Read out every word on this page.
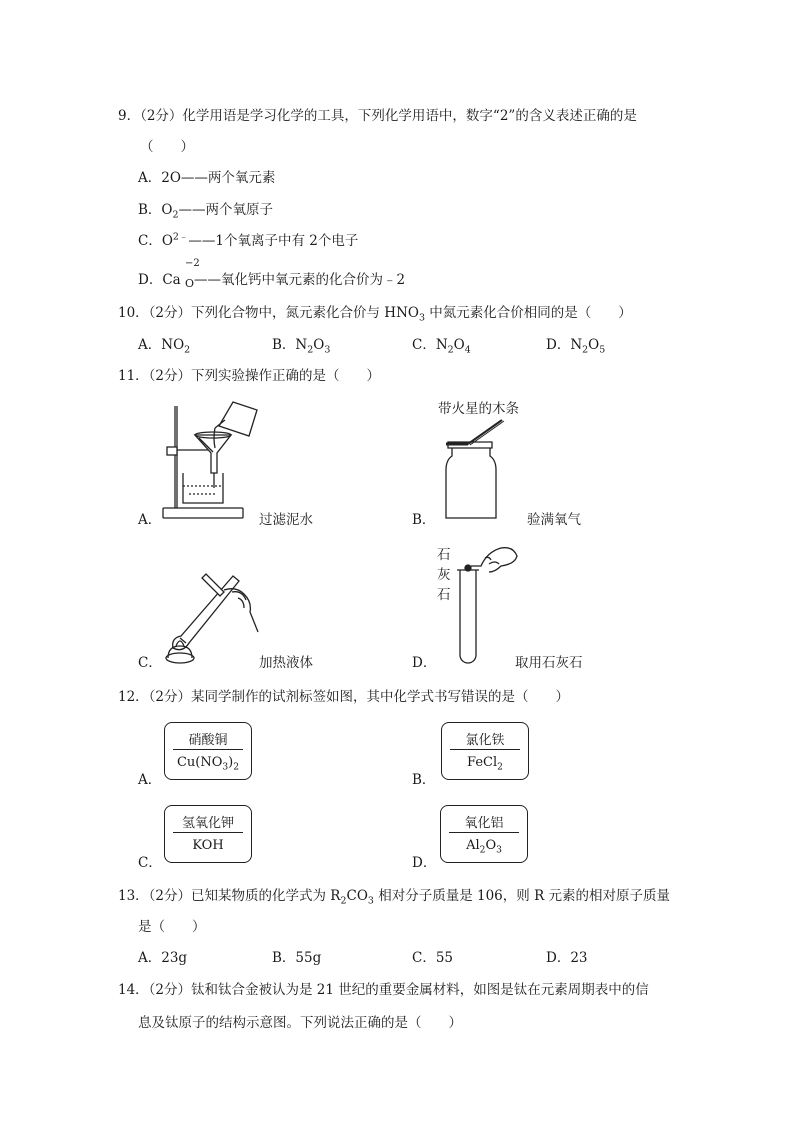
9．（2分）化学用语是学习化学的工具，下列化学用语中，数字“2”的含义表述正确的是
（　　）
A．2O——两个氧元素
B．$O_2——$两个氧原子
C．$O^{2﹣}——1$个氧离子中有 2个电子
D．Ca
−2
$_O$——氧化钙中氧元素的化合价为﹣2
10．（2分）下列化合物中，氮元素化合价与 $HNO_3$ 中氮元素化合价相同的是（　　）
A．$NO_2$	B．$N_2O_3$	C．$N_2O_4$	D．$N_2O_5$
11．（2分）下列实验操作正确的是（　　）
A．	过滤泥水	B．
带火星的木条
验满氧气
C．	加热液体	D．
石
灰
石
取用石灰石
12．（2分）某同学制作的试剂标签如图，其中化学式书写错误的是（　　）
A．
硝酸铜
$Cu(NO_3)_2$
B．
氯化铁
FeCl$_2$
C．
氢氧化钾
KOH
D．
氧化铝
$Al_2O_3$
13．（2分）已知某物质的化学式为 $R_2CO_3$ 相对分子质量是 106，则 R 元素的相对原子质量
是（　　）
A．23g	B．55g	C．55	D．23
14．（2分）钛和钛合金被认为是 21 世纪的重要金属材料，如图是钛在元素周期表中的信
息及钛原子的结构示意图。下列说法正确的是（　　）
